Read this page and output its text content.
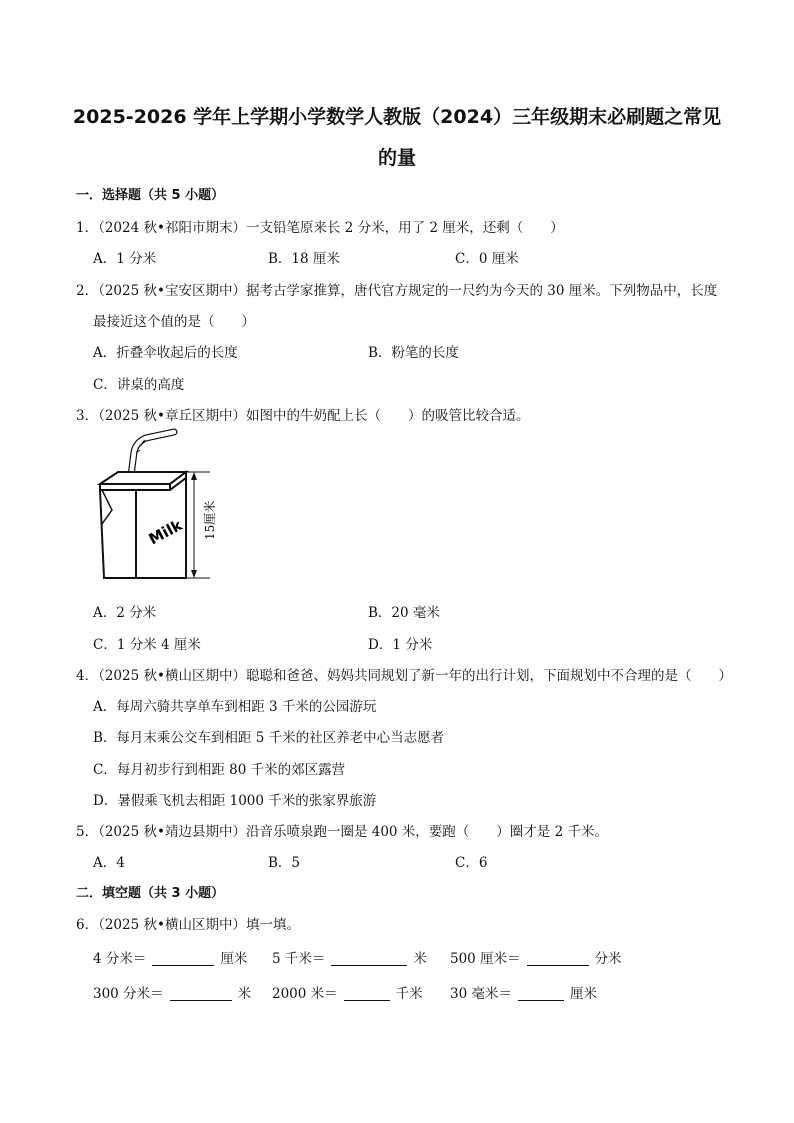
2025-2026 学年上学期小学数学人教版（2024）三年级期末必刷题之常见
的量
一．选择题（共 5 小题）
1．（2024 秋•祁阳市期末）一支铅笔原来长 2 分米，用了 2 厘米，还剩（　　）
A．1 分米	B．18 厘米	C．0 厘米
2．（2025 秋•宝安区期中）据考古学家推算，唐代官方规定的一尺约为今天的 30 厘米。下列物品中，长度
最接近这个值的是（　　）
A．折叠伞收起后的长度	B．粉笔的长度
C．讲桌的高度
3．（2025 秋•章丘区期中）如图中的牛奶配上长（　　）的吸管比较合适。
Milk 15厘米
A．2 分米	B．20 毫米
C．1 分米 4 厘米	D．1 分米
4．（2025 秋•横山区期中）聪聪和爸爸、妈妈共同规划了新一年的出行计划，下面规划中不合理的是（　　）
A．每周六骑共享单车到相距 3 千米的公园游玩
B．每月末乘公交车到相距 5 千米的社区养老中心当志愿者
C．每月初步行到相距 80 千米的郊区露营
D．暑假乘飞机去相距 1000 千米的张家界旅游
5．（2025 秋•靖边县期中）沿音乐喷泉跑一圈是 400 米，要跑（　　）圈才是 2 千米。
A．4	B．5	C．6
二．填空题（共 3 小题）
6．（2025 秋•横山区期中）填一填。
4 分米＝	厘米 5 千米＝	米 500 厘米＝	分米
300 分米＝	米 2000 米＝	千米 30 毫米＝	厘米
